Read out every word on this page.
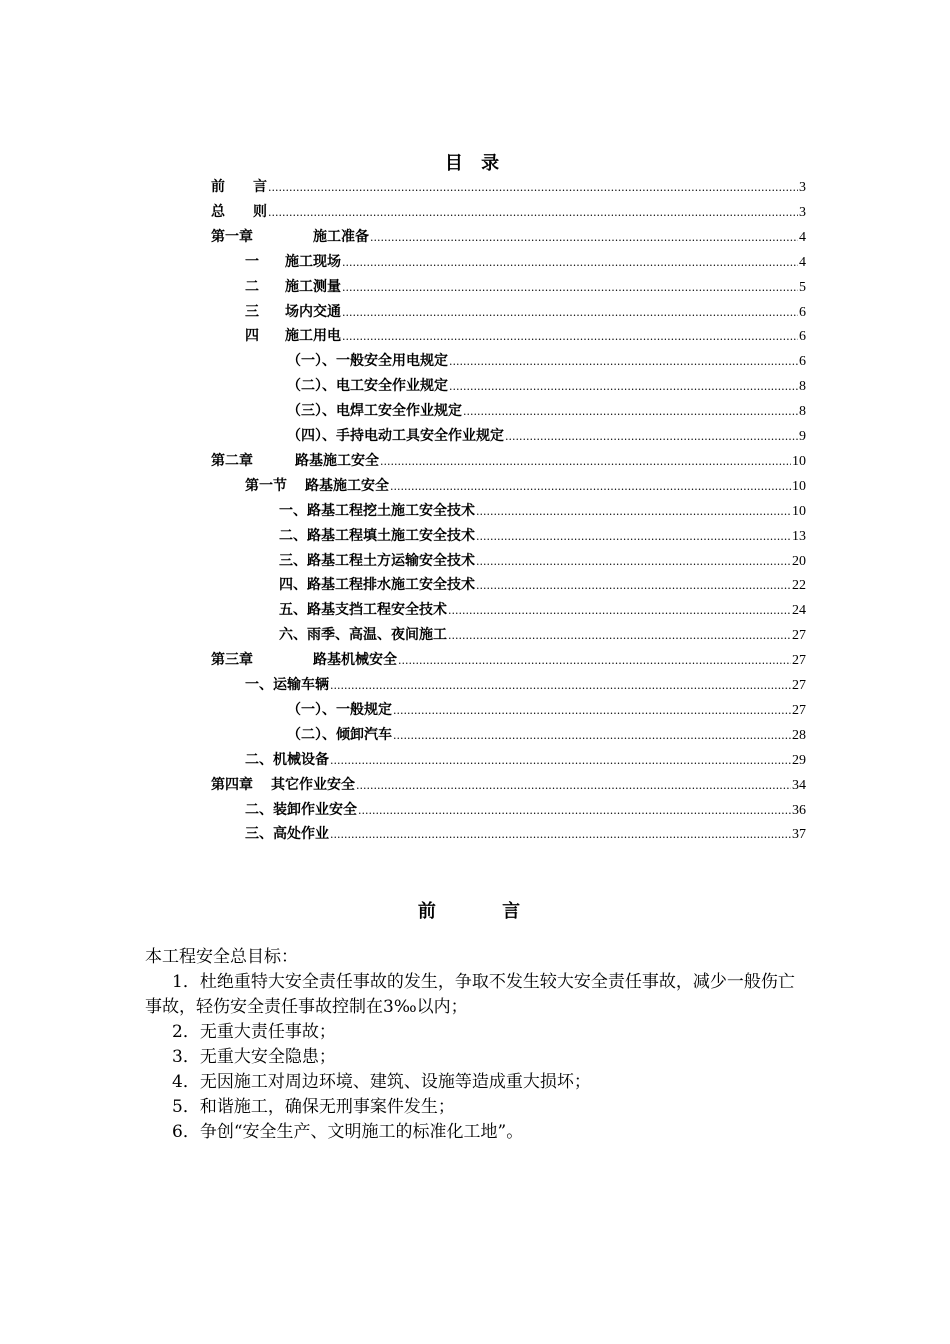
目 录
前　　言 .....	3
总　　则 .....	3
第一章	施工准备 .....	4
一 施工现场 .....	4
二 施工测量 .....	5
三 场内交通 .....	6
四 施工用电 .....	6
（一）、一般安全用电规定 .....	6
（二）、电工安全作业规定 .....	8
（三）、电焊工安全作业规定 .....	8
（四）、手持电动工具安全作业规定 .....	9
第二章	路基施工安全 .....	10
第一节 路基施工安全 .....	10
一、路基工程挖土施工安全技术 .....	10
二、路基工程填土施工安全技术 .....	13
三、路基工程土方运输安全技术 .....	20
四、路基工程排水施工安全技术 .....	22
五、路基支挡工程安全技术 .....	24
六、雨季、高温、夜间施工 .....	27
第三章	路基机械安全 .....	27
一、运输车辆 .....	27
（一）、一般规定 .....	27
（二）、倾卸汽车 .....	28
二、机械设备 .....	29
第四章 其它作业安全 .....	34
二、装卸作业安全 .....	36
三、高处作业 .....	37
前 言
本工程安全总目标：
1．杜绝重特大安全责任事故的发生，争取不发生较大安全责任事故，减少一般伤亡事故，轻伤安全责任事故控制在3‰以内；
2．无重大责任事故；
3．无重大安全隐患；
4．无因施工对周边环境、建筑、设施等造成重大损坏；
5．和谐施工，确保无刑事案件发生；
6．争创“安全生产、文明施工的标准化工地”。
